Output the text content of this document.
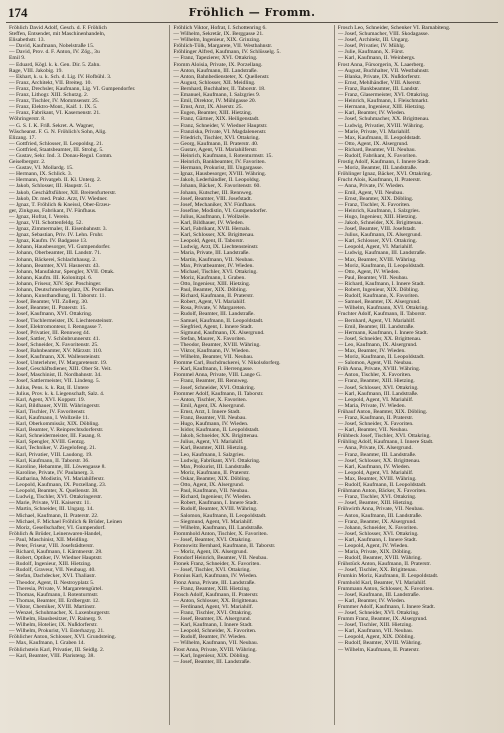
174	Fröhlich — Fromm.
Fröhlich David Adolf, Gesch. d. F. Fröhlich
Steffen, Entsendet, mit Maschinenhandeln,
Elisabethstr. 13.
— David, Kaufmann, Nobelstraße 15.
— David, Prov. d. F. Anton, IV. Zög., 3u
Emil 9.
— Eduard, Kögl. k. k. Gen. Dir. 5. Zahn.
Rage, VIII. Jakobig. 19.
— Ekhart, k. u. k. Sch. d. Lig. IV. Hofbühl. 3.
— Franz, Architekt, VII. Breiteg. 10.
— Franz, Drechsler, Kaufmann, Lig. VI. Gumpendorfer.
— Franz, Lithogr. XIII. Schutzg. 2.
— Franz, Tischler, IV. Mommsenstr. 25.
— Franz, Elektro-Mont., Kaif. 1. IX. 5.
— Franz, Fabrikant, VI. Kasernenstr. 21.
Wöhringerstr. 8.
— G. S. I. K. Friß. Sekret. A. Wagner,
Wäscheanst. F. G. N. Fröhlich's Sohn, Alig.
Elizang. 17.
— Gottfried, Schlosser, II. Leopoldsg. 21.
— Gottfried, Staatsbeamter, III. Strohg. 5.
— Gustav, Sekr. Ind. 3. Donau-Regul. Comm.
Geiselbergstr. 2.
— Gustav, VI. Mollardg. 15.
— Hermann, IX. Schlick. 3.
— Hermann, Privatgeb. II. Kl. Unterg. 2.
— Jakob, Schlosser, III. Haupstr. 51.
— Jakob, Geschäftsführer, XII. Breitenfurterstr.
— Jakob, Dr. med. Prakt. Arzt, IV. Wiedner.
— Jgnaz, T. Fröhlich & Kneissl, Ober-Erzeu-
ger, Zinkguss, Fabrikant, IV. Fünfhaus.
— Jgnaz, Hofrat, I. Verein.
— Jgnaz, VII. Schottenfeldg. 52.
— Jgnaz, Zimmermaler, II. Eisenbahnstr. 3.
— Jgnaz, Sebastian, Priv. IV. Lehn. Fruhr.
— Jgnaz, Kaufm. IV. Badgasse 13.
— Johann, Hausbesorger, VI. Gumpendorfer.
— Johann, Oberbeamter, III. Landstr. 71.
— Johann, Bäckerei, Schlachthausg. 2.
— Johann, Beamter, XVI. Hasnerstr. 43.
— Johann, Manufaktur, Spengler, XVII. Ottak.
— Johann, Kaufm. III. Kolonitzpl. 6.
— Johann, Friseur, XIV. Spr. Poschinger.
— Johann, Deutschmeisterplatz, IX. Porzellan.
— Johann, Kunsthandlung, II. Taborstr. 11.
— Josef, Beamter, VII. Zollerg. 30.
— Josef, Beamter, II. Praterstr. 15.
— Josef, Kaufmann, XVI. Ottakring.
— Josef, Tischlermeister, IX. Liechtensteinstr.
— Josef, Elektromonteur, I. Renngasse 7.
— Josef, Privatier, III. Rennweg 44.
— Josef, Sattler, V. Schönbrunnerstr. 41.
— Josef, Schneider, X. Favoritenstr. 25.
— Josef, Bahnbeamter, XV. Märzstr. 110.
— Josef, Kaufmann, XX. Wallensteinstr.
— Josef, Unterlehrer, IV. Margaretenstr. 19.
— Josef, Geschäftsdiener, XIII. Ober St. Veit.
— Josef, Maschinist, II. Nordbahnstr. 34.
— Josef, Sattlermeister, VII. Lindeng. 5.
— Julius, Pens. k. k. Rat, II. Untere
— Julius, Prov. k. k. Liegenschaft, Salz. 4.
— Karl, Agent, XVI. Koppstr. 19.
— Karl, Bildhauer, XVIII. Währingerstr.
— Karl, Tischler, IV. Favoritenstr.
— Karl, Kaufmann, I. Wollzeile 11.
— Karl, Oberkommissär, XIX. Döbling.
— Karl, Beamter, V. Reinprechtsdorferstr.
— Karl, Schneidermeister, III. Fasang. 8.
— Karl, Spengler, XVIII. Gentzg.
— Karl, Techniker, V. Ziegelofeng. 21.
— Karl, Privatier, VIII. Laudong. 19.
— Karl, Kaufmann, II. Taborstr. 36.
— Karoline, Hebamme, III. Löwengasse 8.
— Karoline, Private, IV. Paulanerg. 3.
— Katharina, Modistin, VI. Mariahilferstr.
— Leopold, Kaufmann, IX. Porzellang. 23.
— Leopold, Beamter, X. Quellenstr. 38.
— Ludwig, Tischler, XVI. Ottakringerstr.
— Marie, Private, VII. Kaiserstr. 11.
— Martin, Schneider, III. Ungarg. 14.
— Michael, Kaufmann, II. Praterstr. 22.
— Michael, F. Michael Fröhlich & Brüder, Leinen
— Moriz, Gesellschafter, VI. Gumpendorf.
Fröhlich & Brüder, Leinenwaren-Handel,
— Paul, Maschinist, XII. Meidling.
— Peter, Friseur, VIII. Josefstädterstr.
— Richard, Kaufmann, I. Kärntnerstr. 28.
— Robert, Optiker, IV. Wiedner Hauptstr.
— Rudolf, Ingenieur, XIII. Hietzing.
— Rudolf, Graveur, VII. Neubaug. 40.
— Stefan, Dachdecker, XVI. Thaliastr.
— Theodor, Agent, II. Nestroyplatz 5.
— Theresia, Private, V. Margaretengürtel.
— Thomas, Kaufmann, I. Rotenturmstr.
— Thomas, Beamter, III. Erdbergstr. 12.
— Viktor, Chemiker, XVIII. Martinstr.
— Wenzel, Schuhmacher, X. Laxenburgerstr.
— Wilhelm, Hausbesitzer, IV. Rainerg. 9.
— Wilhelm, Hotelier, IX. Nußdorferstr.
— Wilhelm, Prokurist, VI. Esterhazyg. 21.
Fröhlicher Anton, Schlosser, XVI. Grundsteing.
— Max, Kaufmann, I. Graben 14.
Fröhlichstein Karl, Privatier, III. Seidlg. 2.
— Karl, Beamter, VIII. Piaristeng. 38.
Fröhlich Viktor, Hofrat, I. Schottenring 6.
— Wilhelm, Sekretär, IX. Berggasse 21.
— Wilhelm, Ingenieur, XIX. Grinzing.
Fröhlich-Tölk, Margarete, VII. Westbahnstr.
Fröhlinger Alfred, Kaufmann, IV. Schlüsselg. 5.
— Franz, Tapezierer, XVI. Ottakring.
Fromm Aloisia, Private, IX. Porzellang.
— Anton, Kaufmann, III. Landstraße.
— Anton, Bahnbediensteter, X. Quellenstr.
— August, Schlosser, XII. Meidling.
— Bernhard, Buchhalter, II. Taborstr. 18.
— Emanuel, Kaufmann, I. Salzgries 9.
— Emil, Direktor, IV. Mühlgasse 20.
— Ernst, Arzt, IX. Alserstr. 25.
— Eugen, Beamter, XIII. Hietzing.
— Franz, Gärtner, XIX. Heiligenstadt.
— Franz, Schneider, V. Wiedner Hauptstr.
— Franziska, Private, VI. Magdalenenstr.
— Friedrich, Tischler, XVI. Ottakring.
— Georg, Kaufmann, II. Praterstr. 40.
— Gustav, Agent, VII. Mariahilferstr.
— Heinrich, Kaufmann, I. Rotenturmstr. 15.
— Heinrich, Bankbeamter, IV. Favoriten.
— Hermann, Prokurist, III. Ungargasse.
— Ignaz, Hausbesorger, XVIII. Währing.
— Jakob, Lederhändler, II. Leopoldsg.
— Johann, Bäcker, X. Favoritenstr. 60.
— Johann, Kutscher, III. Rennweg.
— Josef, Beamter, VIII. Josefstadt.
— Josef, Mechaniker, XV. Fünfhaus.
— Josefine, Modistin, VI. Gumpendorfer.
— Julius, Kaufmann, I. Wollzeile.
— Karl, Bildhauer, IV. Wieden.
— Karl, Fabrikant, XVII. Hernals.
— Karl, Schlosser, XX. Brigittenau.
— Leopold, Agent, II. Taborstr.
— Ludwig, Arzt, IX. Liechtensteinstr.
— Maria, Private, III. Landstraße.
— Martin, Kaufmann, VII. Neubau.
— Max, Privatbeamter, IV. Wieden.
— Michael, Tischler, XVI. Ottakring.
— Moriz, Kaufmann, I. Graben.
— Otto, Ingenieur, XIII. Hietzing.
— Paul, Beamter, XIX. Döbling.
— Richard, Kaufmann, II. Praterstr.
— Robert, Agent, VI. Mariahilf.
— Rosa, Private, V. Margareten.
— Rudolf, Beamter, III. Landstraße.
— Samuel, Kaufmann, II. Leopoldstadt.
— Siegfried, Agent, I. Innere Stadt.
— Sigmund, Kaufmann, IX. Alsergrund.
— Stefan, Maurer, X. Favoriten.
— Theodor, Beamter, XVIII. Währing.
— Viktor, Kaufmann, IV. Wieden.
— Wilhelm, Beamter, VII. Neubau.
Fromme Carl, Buchdruckerei, V. Nikolsdorferg.
— Karl, Kaufmann, I. Herrengasse.
Frommel Anna, Private, VIII. Lange G.
— Franz, Beamter, III. Rennweg.
— Josef, Schneider, XVI. Ottakring.
Frommer Adolf, Kaufmann, II. Taborstr.
— Anton, Tischler, X. Favoriten.
— Emil, Agent, IX. Alsergrund.
— Ernst, Arzt, I. Innere Stadt.
— Franz, Beamter, VII. Neubau.
— Hugo, Kaufmann, IV. Wieden.
— Isidor, Kaufmann, II. Leopoldstadt.
— Jakob, Schneider, XX. Brigittenau.
— Julius, Agent, VI. Mariahilf.
— Karl, Beamter, XIII. Hietzing.
— Leo, Kaufmann, I. Salzgries.
— Ludwig, Fabrikant, XVI. Ottakring.
— Max, Prokurist, III. Landstraße.
— Moriz, Kaufmann, II. Praterstr.
— Oskar, Beamter, XIX. Döbling.
— Otto, Agent, IX. Alsergrund.
— Paul, Kaufmann, VII. Neubau.
— Richard, Ingenieur, IV. Wieden.
— Robert, Kaufmann, I. Innere Stadt.
— Rudolf, Beamter, XVIII. Währing.
— Salomon, Kaufmann, II. Leopoldstadt.
— Siegmund, Agent, VI. Mariahilf.
— Wilhelm, Kaufmann, III. Landstraße.
Frommhold Anton, Tischler, X. Favoriten.
— Josef, Beamter, XVI. Ottakring.
Fromowitz Bernhard, Kaufmann, II. Taborstr.
— Moriz, Agent, IX. Alsergrund.
Frondorf Heinrich, Beamter, VII. Neubau.
Fronek Franz, Schneider, X. Favoriten.
— Josef, Tischler, XVI. Ottakring.
Fronius Karl, Kaufmann, IV. Wieden.
Fronz Anna, Private, III. Landstraße.
— Franz, Beamter, XIII. Hietzing.
Frosch Adolf, Kaufmann, II. Praterstr.
— Anton, Schlosser, XX. Brigittenau.
— Ferdinand, Agent, VI. Mariahilf.
— Franz, Tischler, XVI. Ottakring.
— Josef, Beamter, IX. Alsergrund.
— Karl, Kaufmann, I. Innere Stadt.
— Leopold, Schneider, X. Favoriten.
— Rudolf, Beamter, IV. Wieden.
— Wilhelm, Kaufmann, VII. Neubau.
Frost Anna, Private, XVIII. Währing.
— Karl, Ingenieur, XIX. Döbling.
— Josef, Beamter, III. Landstraße.
Frosch Leo, Schneider, Schenker VI. Barnabiteng.
— Josef, Schumacher, VIII. Skodagasse.
— Josef, Architekt, III. Ungarg.
— Josef, Privatier, IV. Mühlg.
— Julie, Kaufmann, X. Fürst.
— Karl, Kaufmann, II. Weinbergs.
Frost Anna, Fürsorgerin, X. Laaerberg.
— August, Buchhalter, VII. Westbahnstr.
— Blanka, Private, IX. Nußdorferstr.
— Ernst, Mehlhändler, VIII. Alserstr.
— Franz, Bankbeamter, III. Landstr.
— Franz, Glasermeister, XVI. Ottakring.
— Heinrich, Kaufmann, I. Fleischmarkt.
— Hermann, Ingenieur, XIII. Hietzing.
— Karl, Beamter, IV. Wieden.
— Josef, Schuhmacher, XX. Brigittenau.
— Ludwig, Privatier, XVIII. Währing.
— Marie, Private, VI. Mariahilf.
— Max, Kaufmann, II. Leopoldstadt.
— Otto, Agent, IX. Alsergrund.
— Richard, Beamter, VII. Neubau.
— Rudolf, Fabrikant, X. Favoriten.
Frostig Adolf, Kaufmann, I. Innere Stadt.
— Moriz, Beamter, III. Landstraße.
Fröhlinger Ignaz, Bäcker, XVI. Ottakring.
Frucht Alois, Kaufmann, II. Praterstr.
— Anna, Private, IV. Wieden.
— Emil, Agent, VII. Neubau.
— Ernst, Beamter, XIX. Döbling.
— Franz, Tischler, X. Favoriten.
— Heinrich, Kaufmann, I. Salzgries.
— Hugo, Ingenieur, XIII. Hietzing.
— Jakob, Schneider, XX. Brigittenau.
— Josef, Beamter, VIII. Josefstadt.
— Julius, Kaufmann, IX. Alsergrund.
— Karl, Schlosser, XVI. Ottakring.
— Leopold, Agent, VI. Mariahilf.
— Ludwig, Kaufmann, III. Landstraße.
— Max, Beamter, XVIII. Währing.
— Moriz, Kaufmann, II. Leopoldstadt.
— Otto, Agent, IV. Wieden.
— Paul, Beamter, VII. Neubau.
— Richard, Kaufmann, I. Innere Stadt.
— Robert, Ingenieur, XIX. Döbling.
— Rudolf, Kaufmann, X. Favoriten.
— Samuel, Beamter, IX. Alsergrund.
— Wilhelm, Kaufmann, XVI. Ottakring.
Fruchter Adolf, Kaufmann, II. Taborstr.
— Bernhard, Agent, VI. Mariahilf.
— Emil, Beamter, III. Landstraße.
— Hermann, Kaufmann, I. Innere Stadt.
— Josef, Schneider, XX. Brigittenau.
— Leo, Kaufmann, IX. Alsergrund.
— Max, Beamter, IV. Wieden.
— Moriz, Kaufmann, II. Leopoldstadt.
— Salomon, Agent, VII. Neubau.
Früh Anna, Private, XVIII. Währing.
— Anton, Tischler, X. Favoriten.
— Franz, Beamter, XIII. Hietzing.
— Josef, Schlosser, XVI. Ottakring.
— Karl, Kaufmann, III. Landstraße.
— Leopold, Agent, VI. Mariahilf.
— Maria, Private, IV. Wieden.
Frühauf Anton, Beamter, XIX. Döbling.
— Franz, Kaufmann, II. Praterstr.
— Josef, Schneider, X. Favoriten.
— Karl, Beamter, VII. Neubau.
Frühbeck Josef, Tischler, XVI. Ottakring.
Frühling Adolf, Kaufmann, I. Innere Stadt.
— Anna, Private, IX. Alsergrund.
— Franz, Beamter, III. Landstraße.
— Josef, Schlosser, XX. Brigittenau.
— Karl, Kaufmann, IV. Wieden.
— Leopold, Agent, VI. Mariahilf.
— Max, Beamter, XVIII. Währing.
— Rudolf, Kaufmann, II. Leopoldstadt.
Frühmann Anton, Bäcker, X. Favoriten.
— Franz, Tischler, XVI. Ottakring.
— Josef, Beamter, XIII. Hietzing.
Frühwirth Anna, Private, VII. Neubau.
— Anton, Kaufmann, III. Landstraße.
— Franz, Beamter, IX. Alsergrund.
— Johann, Schneider, X. Favoriten.
— Josef, Schlosser, XVI. Ottakring.
— Karl, Kaufmann, I. Innere Stadt.
— Leopold, Agent, IV. Wieden.
— Maria, Private, XIX. Döbling.
— Rudolf, Beamter, XVIII. Währing.
Frühstück Anton, Kaufmann, II. Praterstr.
— Josef, Tischler, XX. Brigittenau.
Frumkin Moriz, Kaufmann, II. Leopoldstadt.
Frumhold Karl, Beamter, VI. Mariahilf.
Frummann Anton, Schlosser, X. Favoriten.
— Josef, Kaufmann, III. Landstraße.
— Karl, Beamter, IV. Wieden.
Frummer Adolf, Kaufmann, I. Innere Stadt.
— Josef, Schneider, XVI. Ottakring.
Frumm Franz, Beamter, IX. Alsergrund.
— Josef, Tischler, XIII. Hietzing.
— Karl, Kaufmann, VII. Neubau.
— Leopold, Agent, XIX. Döbling.
— Rudolf, Beamter, XVIII. Währing.
— Wilhelm, Kaufmann, II. Praterstr.
